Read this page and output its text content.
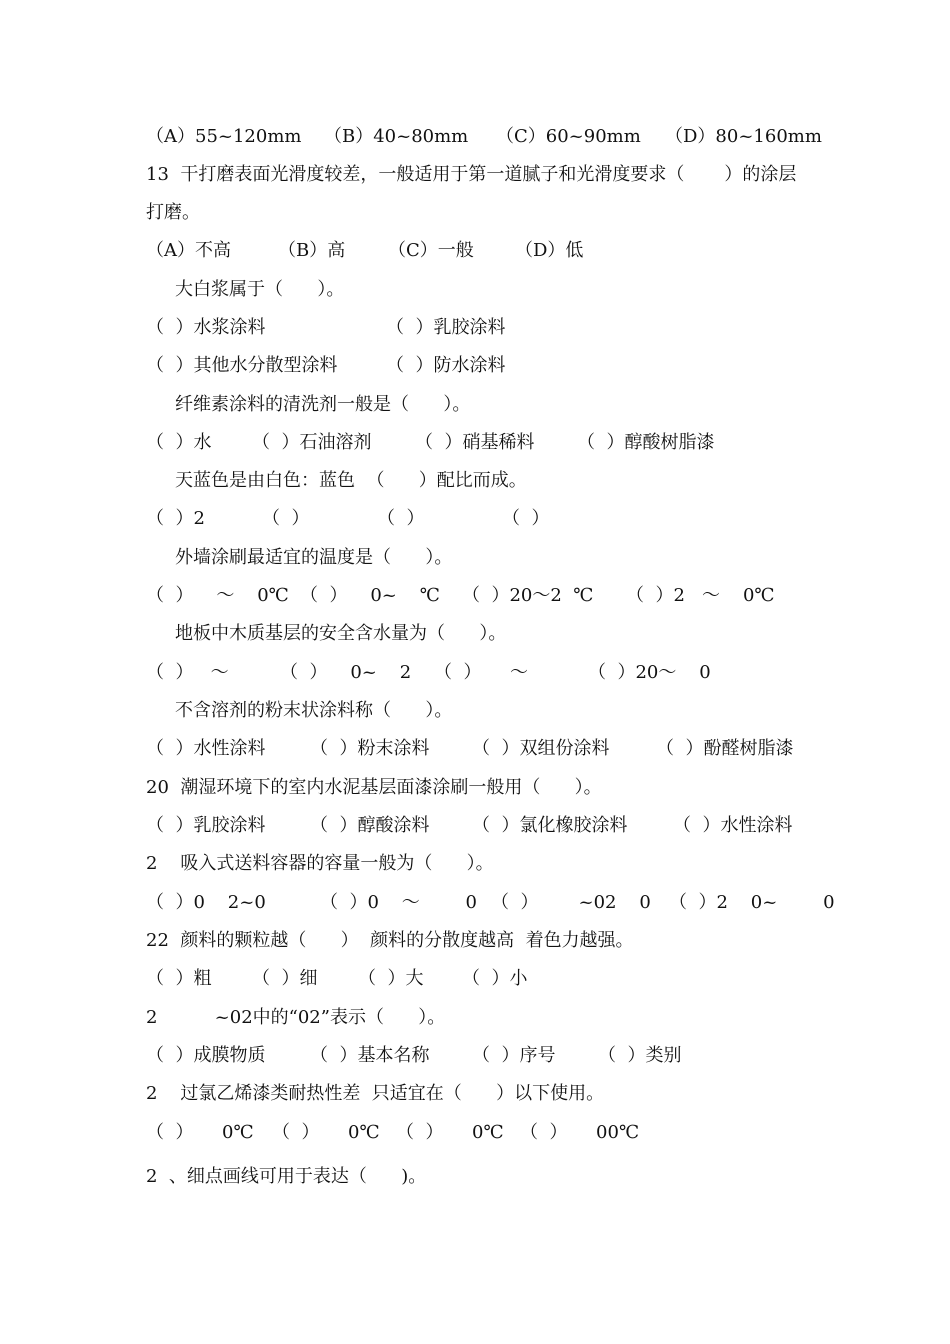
（A）55~120mm

（B）40~80mm

（C）60~90mm

（D）80~160mm

13  干打磨表面光滑度较差，一般适用于第一道腻子和光滑度要求（       ）的涂层

打磨。

（A）不高

	（B）高

（C）一般

（D）低

大白浆属于（      ）。

（  ）水浆涂料

	（  ）乳胶涂料

（  ）其他水分散型涂料

	（  ）防水涂料

纤维素涂料的清洗剂一般是（      ）。

（  ）水

（  ）石油溶剂

（  ）硝基稀料

（  ）醇酸树脂漆

天蓝色是由白色：蓝色  （      ）配比而成。

（  ）2

	（  ）

	（  ）

	（  ）

外墙涂刷最适宜的温度是（      ）。

（  ）    ～    0℃

（  ）    0~    ℃

（  ）20～2  ℃

（  ）2   ～    0℃

地板中木质基层的安全含水量为（      ）。

（  ）   ～

	（  ）    0~    2

（  ）     ～

	（  ）20～    0

不含溶剂的粉末状涂料称（      ）。

（  ）水性涂料

（  ）粉末涂料

（  ）双组份涂料

	（  ）酚醛树脂漆

20  潮湿环境下的室内水泥基层面漆涂刷一般用（      ）。

（  ）乳胶涂料

（  ）醇酸涂料

（  ）氯化橡胶涂料

	（  ）水性涂料

2    吸入式送料容器的容量一般为（      ）。

（  ）0    2~0

	（  ）0    ～        0

（  ）       ~02    0

（  ）2    0~        0

22  颜料的颗粒越（      ）  颜料的分散度越高  着色力越强。

（  ）粗

（  ）细

（  ）大

（  ）小

2          ~02中的“02”表示（      ）。

（  ）成膜物质

（  ）基本名称

（  ）序号

（  ）类别

2    过氯乙烯漆类耐热性差  只适宜在（      ）以下使用。

（  ）     0℃

（  ）     0℃

（  ）     0℃

（  ）     00℃

2  、细点画线可用于表达（      )。
